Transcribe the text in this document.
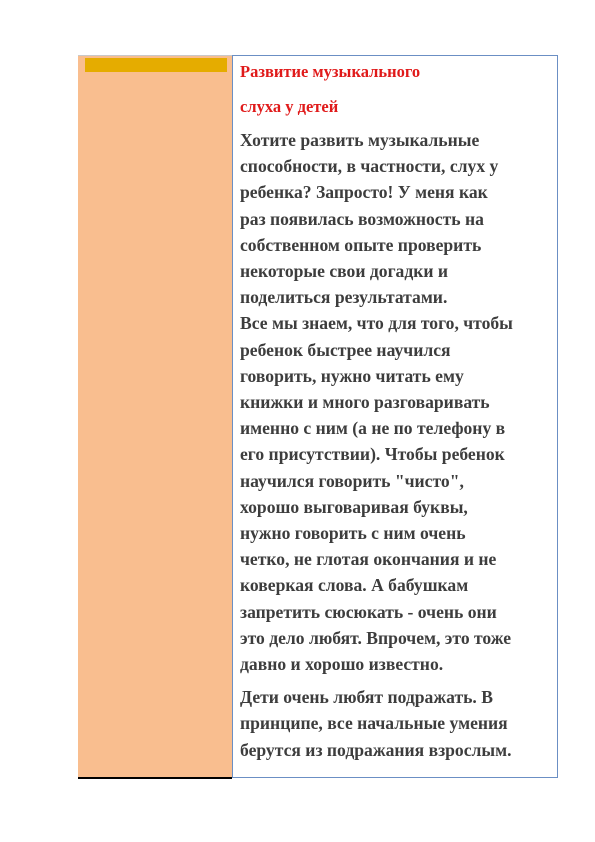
Развитие музыкального

слуха у детей

Хотите развить музыкальные
способности, в частности, слух у
ребенка? Запросто! У меня как
раз появилась возможность на
собственном опыте проверить
некоторые свои догадки и
поделиться результатами.

Все мы знаем, что для того, чтобы
ребенок быстрее научился
говорить, нужно читать ему
книжки и много разговаривать
именно с ним (а не по телефону в
его присутствии). Чтобы ребенок
научился говорить "чисто",
хорошо выговаривая буквы,
нужно говорить с ним очень
четко, не глотая окончания и не
коверкая слова. А бабушкам
запретить сюсюкать - очень они
это дело любят. Впрочем, это тоже
давно и хорошо известно.

Дети очень любят подражать. В
принципе, все начальные умения
берутся из подражания взрослым.
